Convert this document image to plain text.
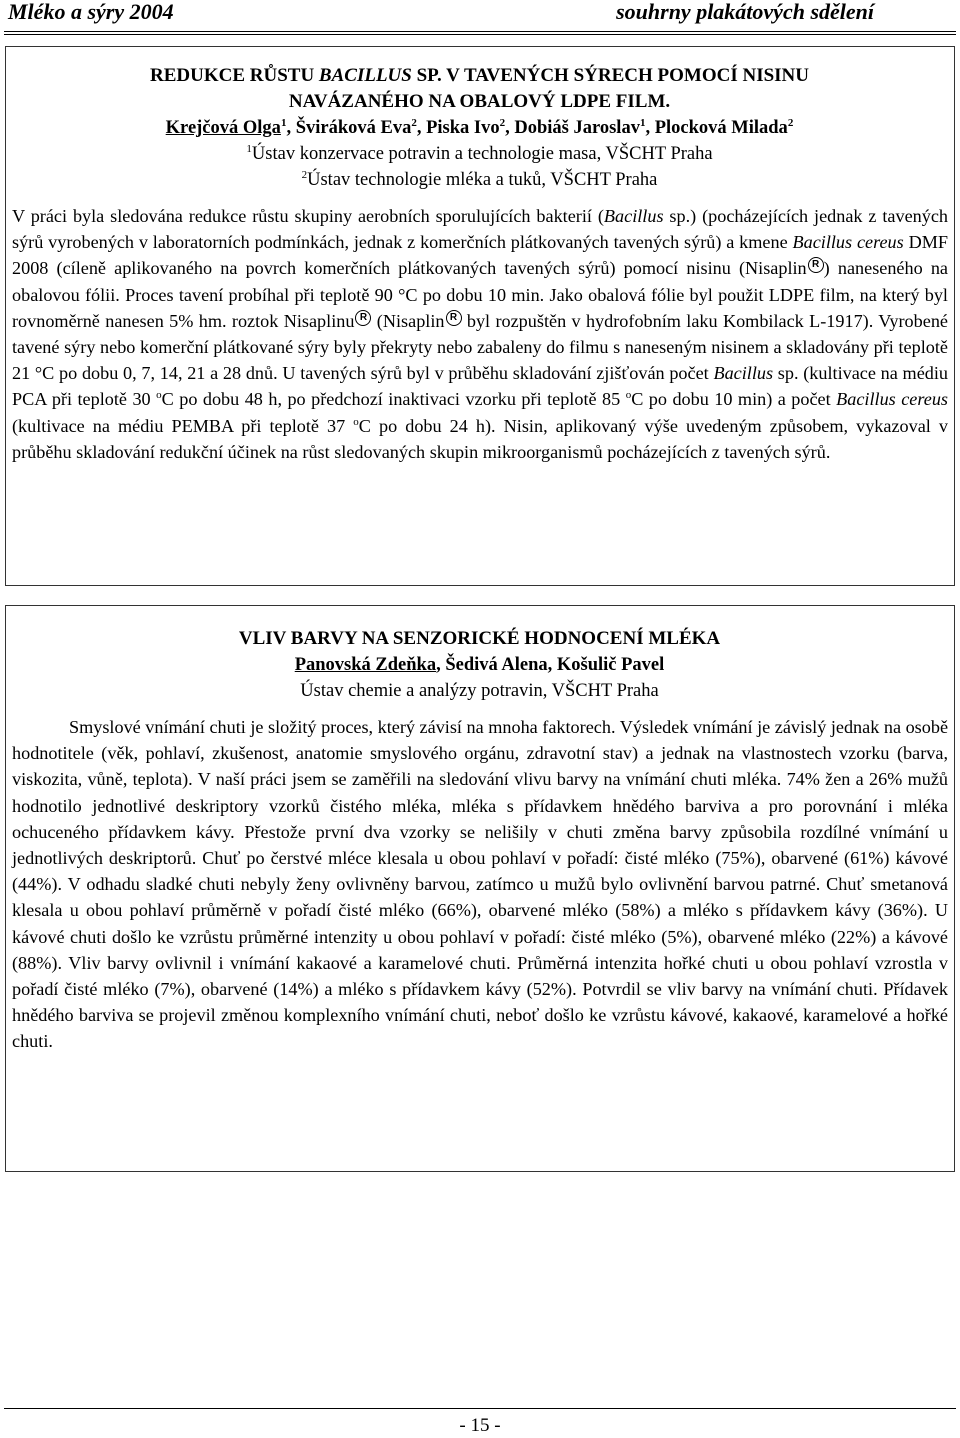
Mléko a sýry 2004	souhrny plakátových sdělení
REDUKCE RŮSTU BACILLUS SP. V TAVENÝCH SÝRECH POMOCÍ NISINU
NAVÁZANÉHO NA OBALOVÝ LDPE FILM.
Krejčová Olga$^1$, Šviráková Eva$^2$, Piska Ivo$^2$, Dobiáš Jaroslav$^1$, Plocková Milada$^2$
$^1$Ústav konzervace potravin a technologie masa, VŠCHT Praha
$^2$Ústav technologie mléka a tuků, VŠCHT Praha
V práci byla sledována redukce růstu skupiny aerobních sporulujících bakterií (Bacillus sp.) (pocházejících jednak z tavených sýrů vyrobených v laboratorních podmínkách, jednak z komerčních plátkovaných tavených sýrů) a kmene Bacillus cereus DMF 2008 (cíleně aplikovaného na povrch komerčních plátkovaných tavených sýrů) pomocí nisinu (Nisaplin R ) naneseného na obalovou fólii. Proces tavení probíhal při teplotě 90 °C po dobu 10 min. Jako obalová fólie byl použit LDPE film, na který byl rovnoměrně nanesen 5% hm. roztok Nisaplinu R (Nisaplin R byl rozpuštěn v hydrofobním laku Kombilack L-1917). Vyrobené tavené sýry nebo komerční plátkované sýry byly překryty nebo zabaleny do filmu s naneseným nisinem a skladovány při teplotě 21 °C po dobu 0, 7, 14, 21 a 28 dnů. U tavených sýrů byl v průběhu skladování zjišťován počet Bacillus sp. (kultivace na médiu PCA při teplotě 30 $^o$C po dobu 48 h, po předchozí inaktivaci vzorku při teplotě 85 $^o$C po dobu 10 min) a počet Bacillus cereus (kultivace na médiu PEMBA při teplotě 37 $^o$C po dobu 24 h). Nisin, aplikovaný výše uvedeným způsobem, vykazoval v průběhu skladování redukční účinek na růst sledovaných skupin mikroorganismů pocházejících z tavených sýrů.
VLIV BARVY NA SENZORICKÉ HODNOCENÍ MLÉKA
Panovská Zdeňka, Šedivá Alena, Košulič Pavel
Ústav chemie a analýzy potravin, VŠCHT Praha
Smyslové vnímání chuti je složitý proces, který závisí na mnoha faktorech. Výsledek vnímání je závislý jednak na osobě hodnotitele (věk, pohlaví, zkušenost, anatomie smyslového orgánu, zdravotní stav) a jednak na vlastnostech vzorku (barva, viskozita, vůně, teplota). V naší práci jsem se zaměřili na sledování vlivu barvy na vnímání chuti mléka. 74% žen a 26% mužů hodnotilo jednotlivé deskriptory vzorků čistého mléka, mléka s přídavkem hnědého barviva a pro porovnání i mléka ochuceného přídavkem kávy. Přestože první dva vzorky se nelišily v chuti změna barvy způsobila rozdílné vnímání u jednotlivých deskriptorů. Chuť po čerstvé mléce klesala u obou pohlaví v pořadí: čisté mléko (75%), obarvené (61%) kávové (44%). V odhadu sladké chuti nebyly ženy ovlivněny barvou, zatímco u mužů bylo ovlivnění barvou patrné. Chuť smetanová klesala u obou pohlaví průměrně v pořadí čisté mléko (66%), obarvené mléko (58%) a mléko s přídavkem kávy (36%). U kávové chuti došlo ke vzrůstu průměrné intenzity u obou pohlaví v pořadí: čisté mléko (5%), obarvené mléko (22%) a kávové (88%). Vliv barvy ovlivnil i vnímání kakaové a karamelové chuti. Průměrná intenzita hořké chuti u obou pohlaví vzrostla v pořadí čisté mléko (7%), obarvené (14%) a mléko s přídavkem kávy (52%). Potvrdil se vliv barvy na vnímání chuti. Přídavek hnědého barviva se projevil změnou komplexního vnímání chuti, neboť došlo ke vzrůstu kávové, kakaové, karamelové a hořké chuti.
- 15 -
